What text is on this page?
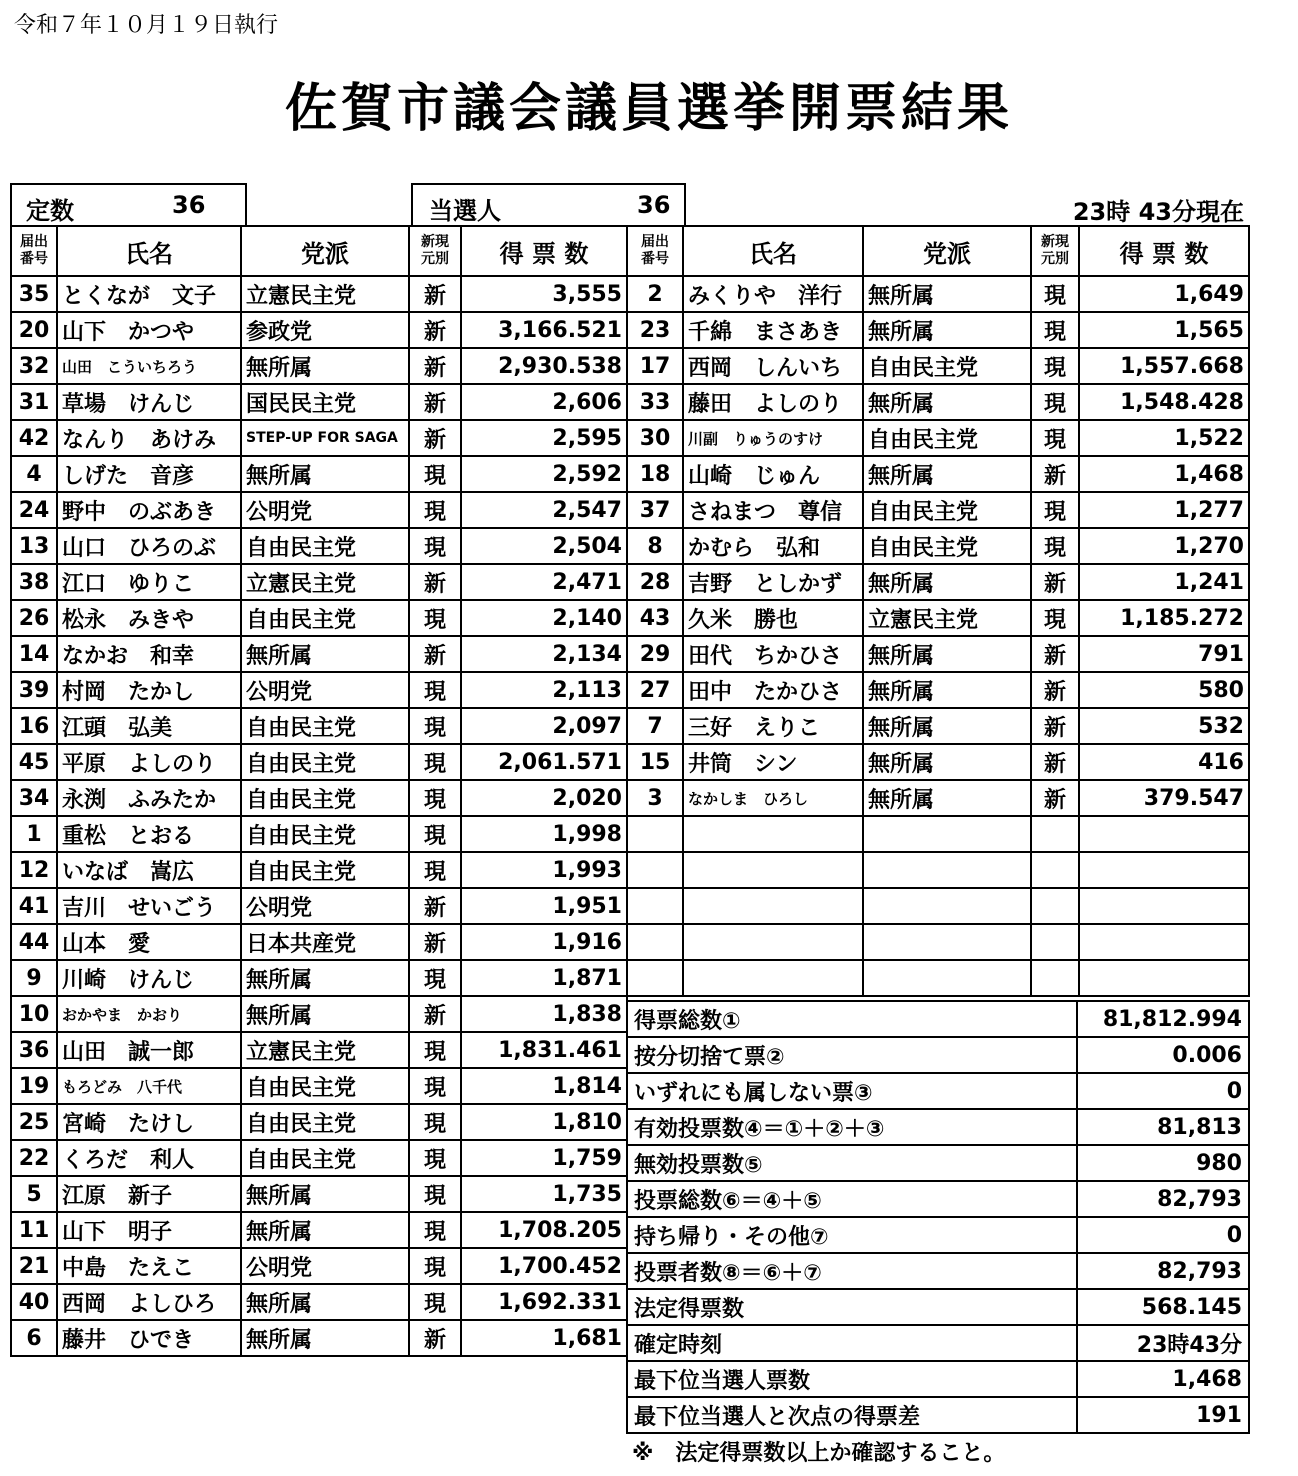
令和７年１０月１９日執行
佐賀市議会議員選挙開票結果
定数	36	当選人	36	23時 43分現在
届出
番号	氏名	党派	新現
元別	得 票 数
35	とくなが　文子	立憲民主党	新	3,555
20	山下　かつや	参政党	新	3,166.521
32	山田　こういちろう	無所属	新	2,930.538
31	草場　けんじ	国民民主党	新	2,606
42	なんり　あけみ	STEP-UP FOR SAGA	新	2,595
4	しげた　音彦	無所属	現	2,592
24	野中　のぶあき	公明党	現	2,547
13	山口　ひろのぶ	自由民主党	現	2,504
38	江口　ゆりこ	立憲民主党	新	2,471
26	松永　みきや	自由民主党	現	2,140
14	なかお　和幸	無所属	新	2,134
39	村岡　たかし	公明党	現	2,113
16	江頭　弘美	自由民主党	現	2,097
45	平原　よしのり	自由民主党	現	2,061.571
34	永渕　ふみたか	自由民主党	現	2,020
1	重松　とおる	自由民主党	現	1,998
12	いなば　嵩広	自由民主党	現	1,993
41	吉川　せいごう	公明党	新	1,951
44	山本　愛	日本共産党	新	1,916
9	川崎　けんじ	無所属	現	1,871
10	おかやま　かおり	無所属	新	1,838
36	山田　誠一郎	立憲民主党	現	1,831.461
19	もろどみ　八千代	自由民主党	現	1,814
25	宮崎　たけし	自由民主党	現	1,810
22	くろだ　利人	自由民主党	現	1,759
5	江原　新子	無所属	現	1,735
11	山下　明子	無所属	現	1,708.205
21	中島　たえこ	公明党	現	1,700.452
40	西岡　よしひろ	無所属	現	1,692.331
6	藤井　ひでき	無所属	新	1,681
届出
番号	氏名	党派	新現
元別	得 票 数
2	みくりや　洋行	無所属	現	1,649
23	千綿　まさあき	無所属	現	1,565
17	西岡　しんいち	自由民主党	現	1,557.668
33	藤田　よしのり	無所属	現	1,548.428
30	川副　りゅうのすけ	自由民主党	現	1,522
18	山崎　じゅん	無所属	新	1,468
37	さねまつ　尊信	自由民主党	現	1,277
8	かむら　弘和	自由民主党	現	1,270
28	吉野　としかず	無所属	新	1,241
43	久米　勝也	立憲民主党	現	1,185.272
29	田代　ちかひさ	無所属	新	791
27	田中　たかひさ	無所属	新	580
7	三好　えりこ	無所属	新	532
15	井筒　シン	無所属	新	416
3	なかしま　ひろし	無所属	新	379.547

得票総数①	81,812.994
按分切捨て票②	0.006
いずれにも属しない票③	0
有効投票数④＝①＋②＋③	81,813
無効投票数⑤	980
投票総数⑥＝④＋⑤	82,793
持ち帰り・その他⑦	0
投票者数⑧＝⑥＋⑦	82,793
法定得票数	568.145
確定時刻	23時43分
最下位当選人票数	1,468
最下位当選人と次点の得票差	191
※　法定得票数以上か確認すること。
